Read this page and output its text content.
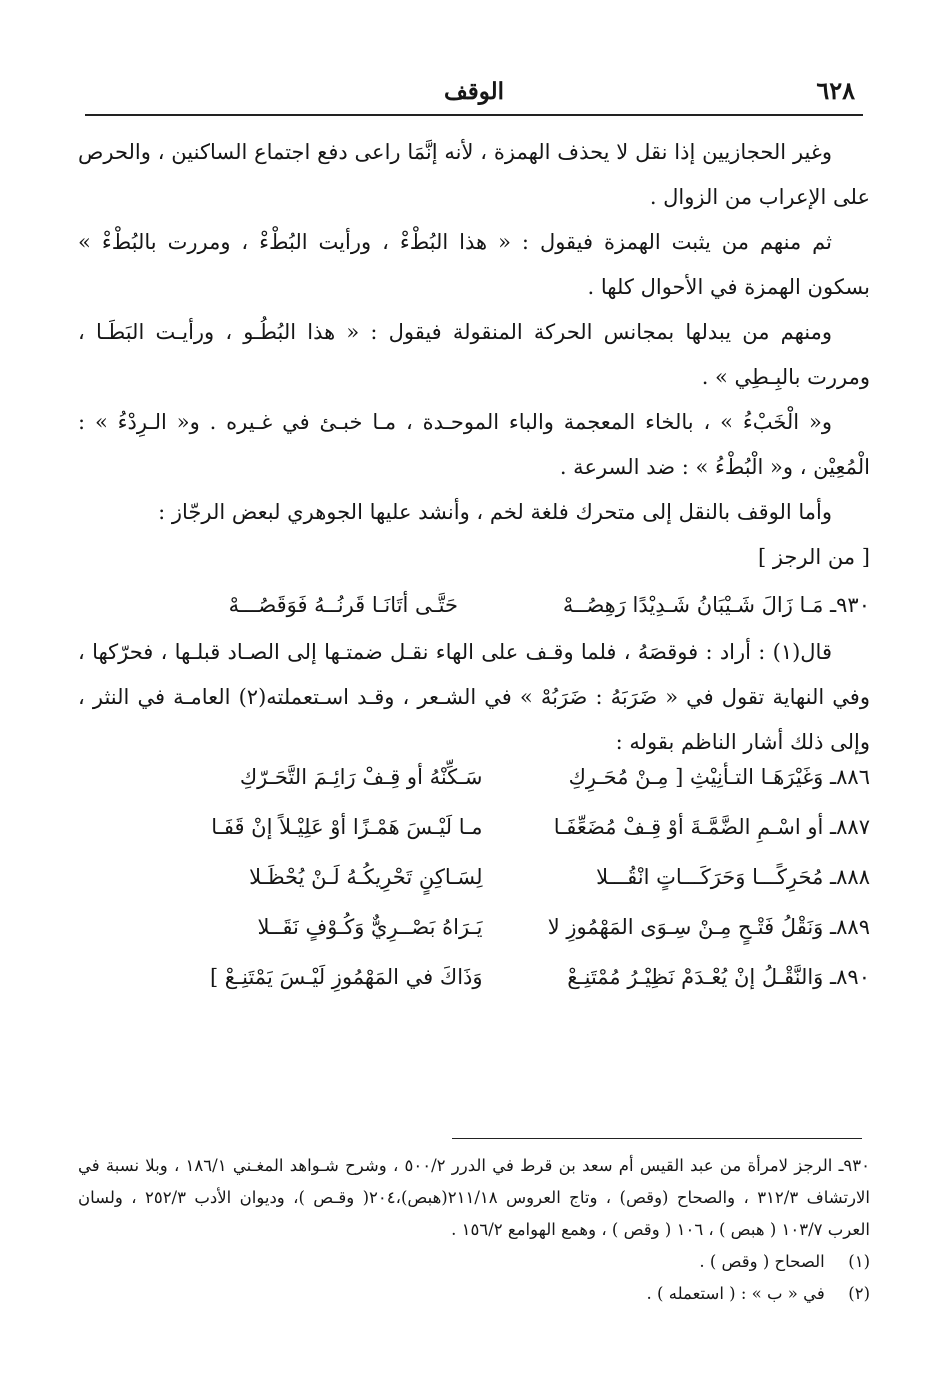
٦٢٨
الوقف

وغير الحجازيين إذا نقل لا يحذف الهمزة ، لأنه إنَّمَا راعى دفع اجتماع الساكنين ، والحرص على الإعراب من الزوال .

ثم منهم من يثبت الهمزة فيقول : « هذا البُطْءْ ، ورأيت البُطْءْ ، ومررت بالبُطْءْ » بسكون الهمزة في الأحوال كلها .

ومنهم من يبدلها بمجانس الحركة المنقولة فيقول : « هذا البُطُـو ، ورأيـت البَطَـا ، ومررت بالبِـطِي » .

و« الْخَبْءُ » ، بالخاء المعجمة والباء الموحـدة ، مـا خبـئ في غـيره . و« الـرِدْءُ » : الْمُعِيْن ، و« الْبُطْءُ » : ضد السرعة .

وأما الوقف بالنقل إلى متحرك فلغة لخم ، وأنشد عليها الجوهري لبعض الرجّاز :

[ من الرجز ]

٩٣٠ـ مَـا زَالَ شَـيْبَانُ شَـدِيْدًا رَهِصُــهْ
حَتَّـى أتَانَـا قَرنُــهُ فَوَقَصُـــهْ

قال(١) : أراد : فوقصَهُ ، فلما وقـف على الهاء نقـل ضمتـها إلى الصـاد قبلـها ، فحرّكها ، وفي النهاية تقول في « ضَرَبَهُ : ضَرَبُهْ » في الشـعر ، وقـد اسـتعملته(٢) العامـة في النثر ، وإلى ذلك أشار الناظم بقوله :

٨٨٦ـ وَغَيْرَهَـا التـأنِيْثِ [ مِـنْ مُحَـرِكِ
سَـكِّنْهُ أو قِـفْ رَائِـمَ التَّحَـرّكِ
٨٨٧ـ أو اسْـمِ الضَّمَّـةَ أوْ قِـفْ مُضَعِّفَـا
مـا لَيْـسَ هَمْـزًا أوْ عَلِيْـلاً إنْ قَفَـا
٨٨٨ـ مُحَرِكًـــا وَحَرَكَـــاتٍ انْقُـــلا
لِسَـاكِنٍ تَحْرِيكُـهُ لَـنْ يُحْظَـلا
٨٨٩ـ وَنَقْلُ فَتْـحٍ مِـنْ سِـوَى المَهْمُوزِ لا
يَـرَاهُ بَصْــرِيٌّ وَكُـوْفٍ نَقَــلا
٨٩٠ـ وَالنَّقْـلُ إنْ يُعْـدَمْ نَظِيْـرُ مُمْتَنِـعْ
وَذَاكَ في المَهْمُوزِ لَيْـسَ يَمْتَنِـعْ ]

٩٣٠ـ الرجز لامرأة من عبد القيس أم سعد بن قرط في الدرر ٥٠٠/٢ ، وشرح شـواهد المغـني ١٨٦/١ ، وبلا نسبة في الارتشاف ٣١٢/٣ ، والصحاح (وقص) ، وتاج العروس ٢١١/١٨(هبص)،٢٠٤( وقـص )، وديوان الأدب ٢٥٢/٣ ، ولسان العرب ١٠٣/٧ ( هبص ) ، ١٠٦ ( وقص ) ، وهمع الهوامع ١٥٦/٢ .

(١) الصحاح ( وقص ) .

(٢) في « ب » : ( استعمله ) .
